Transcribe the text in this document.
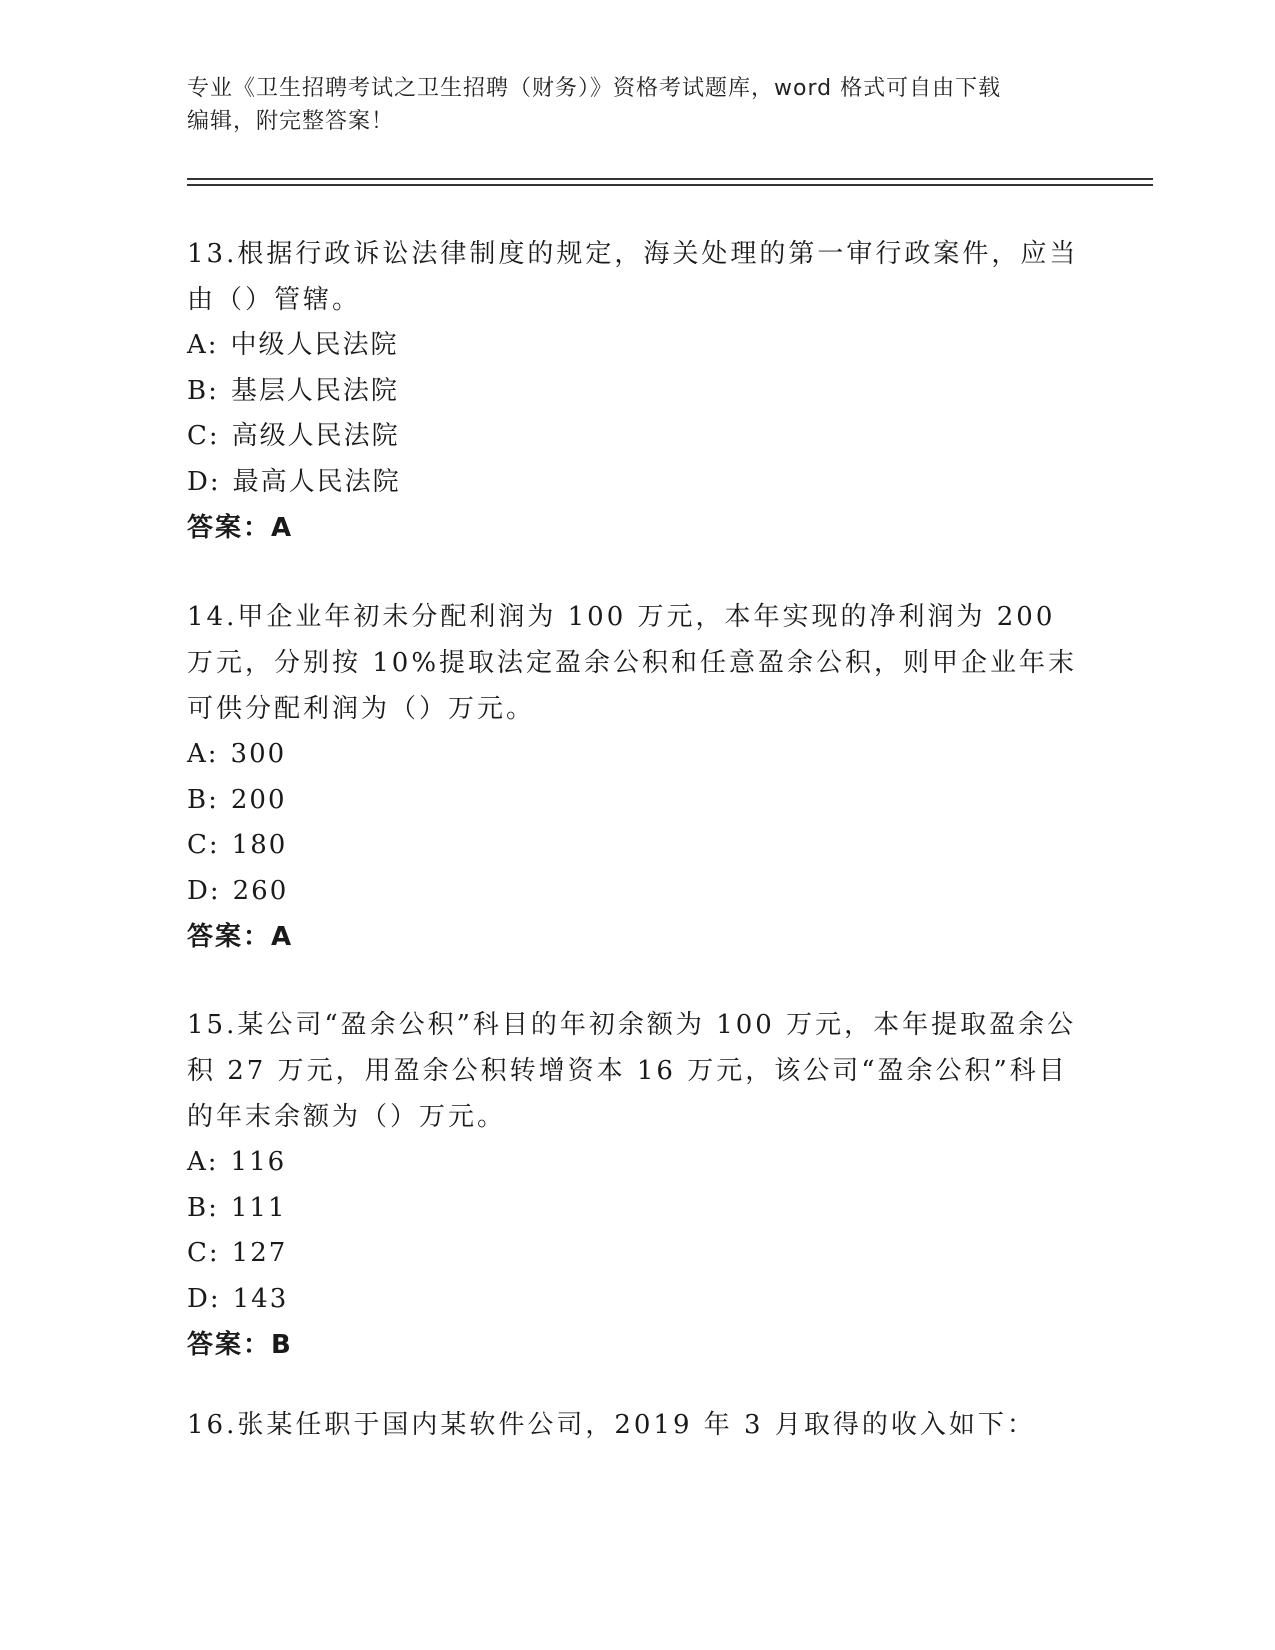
专业《卫生招聘考试之卫生招聘（财务）》资格考试题库，word 格式可自由下载
编辑，附完整答案！

13.根据行政诉讼法律制度的规定，海关处理的第一审行政案件，应当由（）管辖。

A: 中级人民法院
B: 基层人民法院
C: 高级人民法院
D: 最高人民法院
答案：A

14.甲企业年初未分配利润为 100 万元，本年实现的净利润为 200 万元，分别按 10%提取法定盈余公积和任意盈余公积，则甲企业年末可供分配利润为（）万元。

A: 300
B: 200
C: 180
D: 260
答案：A

15.某公司“盈余公积”科目的年初余额为 100 万元，本年提取盈余公积 27 万元，用盈余公积转增资本 16 万元，该公司“盈余公积”科目的年末余额为（）万元。

A: 116
B: 111
C: 127
D: 143
答案：B

16.张某任职于国内某软件公司，2019 年 3 月取得的收入如下：
